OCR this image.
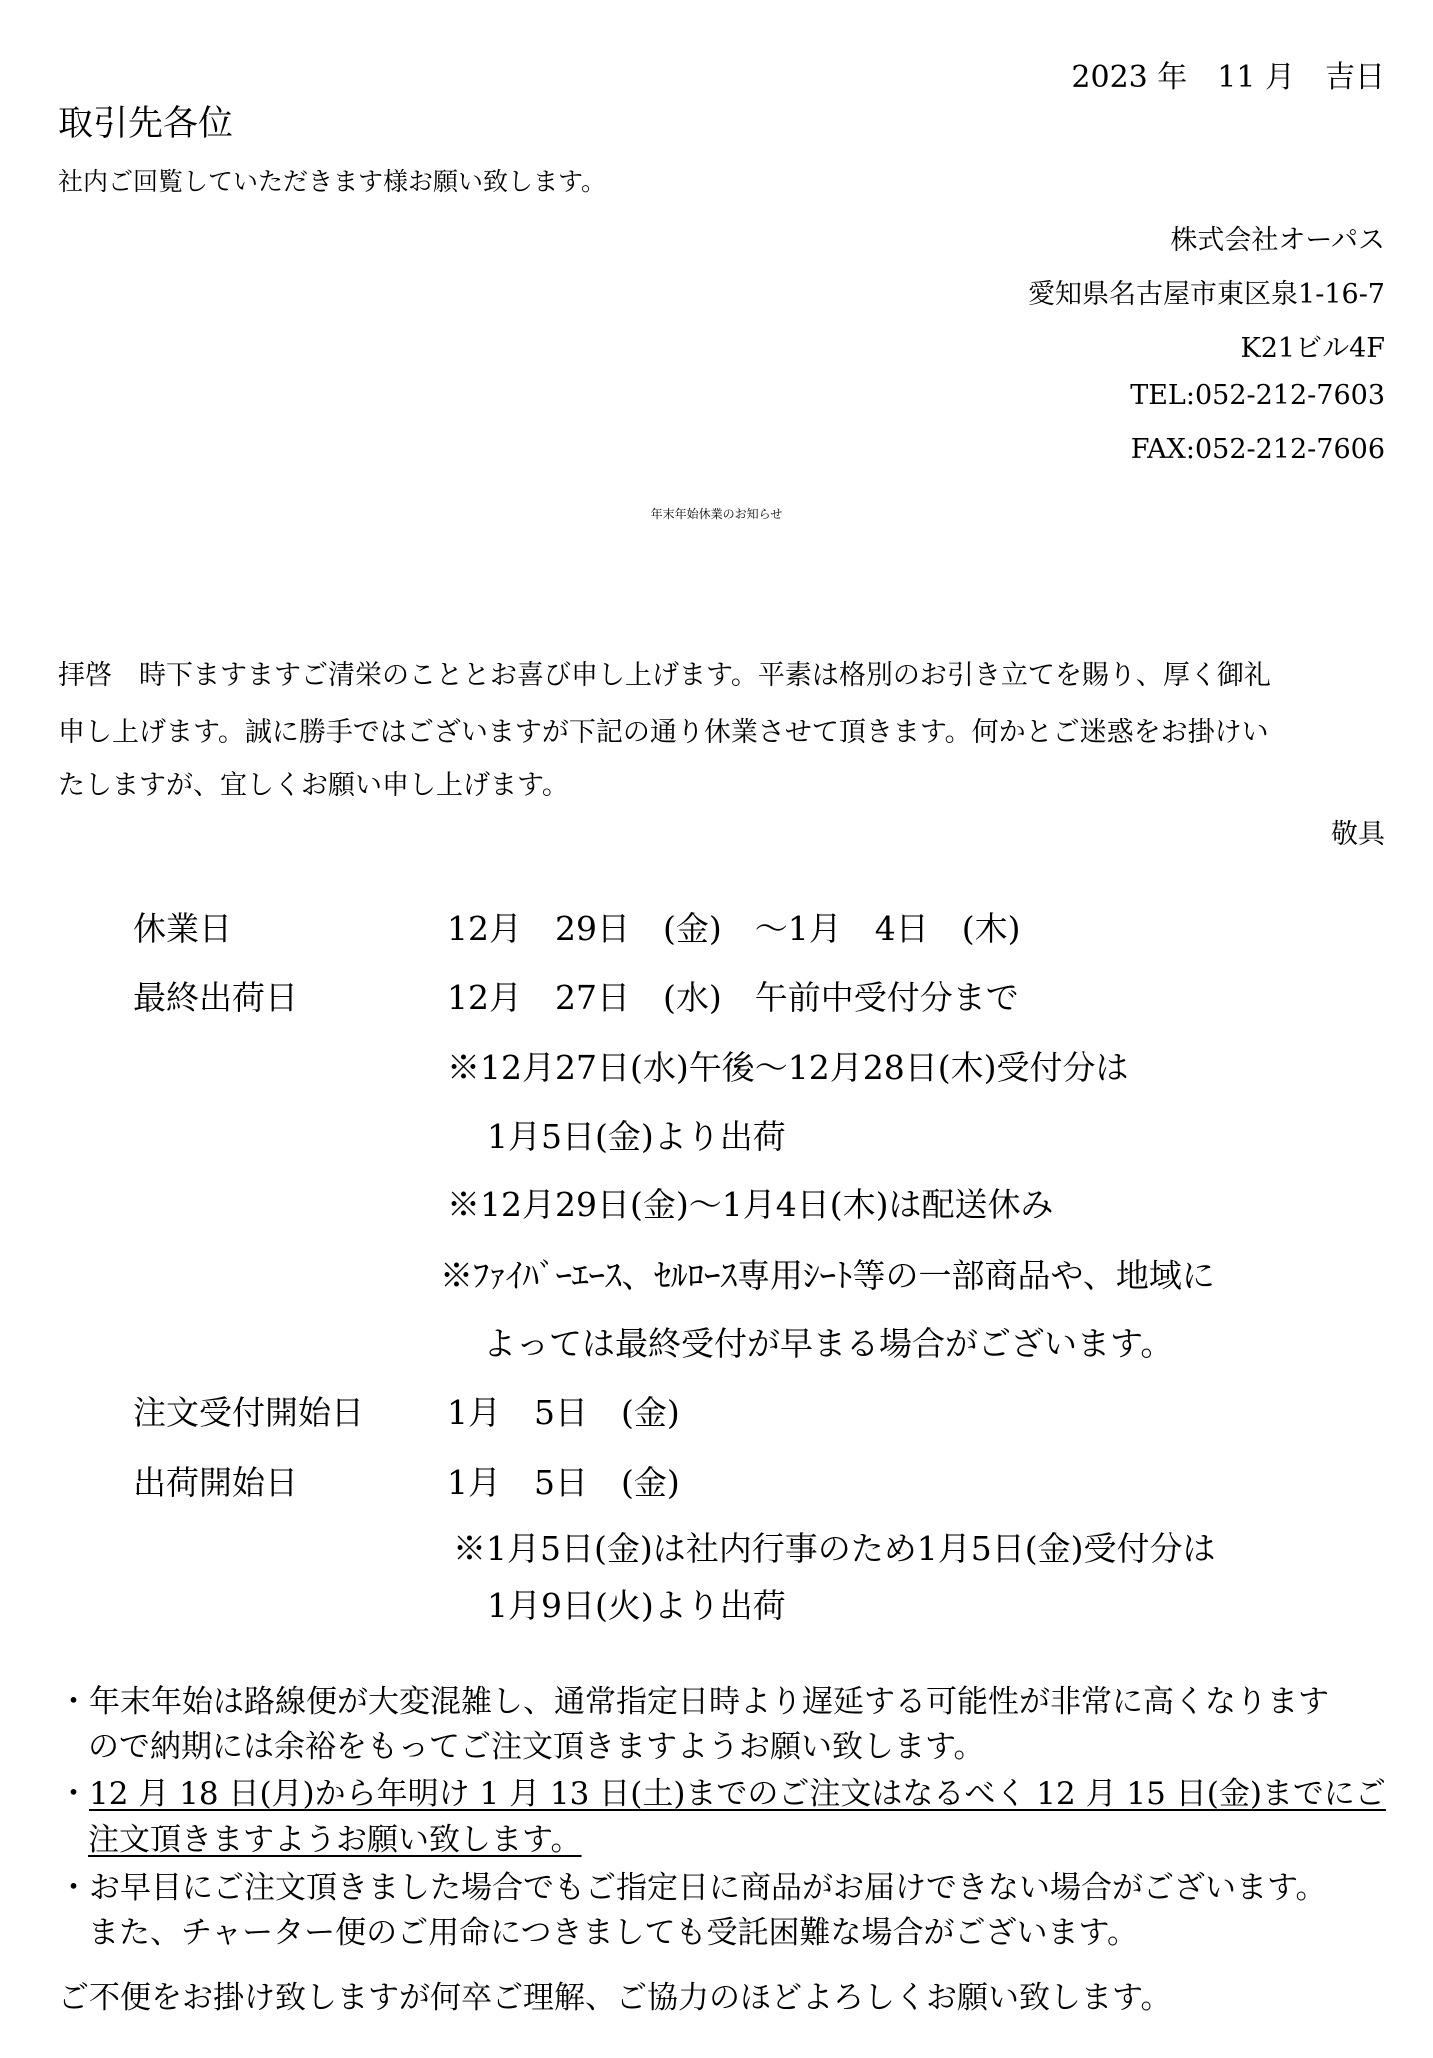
2023 年　11 月　吉日
取引先各位
社内ご回覧していただきます様お願い致します。
株式会社オーパス
愛知県名古屋市東区泉1-16-7
K21ビル4F
TEL:052-212-7603
FAX:052-212-7606
年末年始休業のお知らせ
拝啓　時下ますますご清栄のこととお喜び申し上げます。平素は格別のお引き立てを賜り、厚く御礼
申し上げます。誠に勝手ではございますが下記の通り休業させて頂きます。何かとご迷惑をお掛けい
たしますが、宜しくお願い申し上げます。
敬具
休業日	12月　29日　(金)　～1月　4日　(木)
最終出荷日	12月　27日　(水)　午前中受付分まで
※12月27日(水)午後～12月28日(木)受付分は
1月5日(金)より出荷
※12月29日(金)～1月4日(木)は配送休み
※ﾌｧｲﾊﾞｰｴｰｽ、ｾﾙﾛｰｽ専用ｼｰﾄ等の一部商品や、地域に
よっては最終受付が早まる場合がございます。
注文受付開始日	1月　5日　(金)
出荷開始日	1月　5日　(金)
※1月5日(金)は社内行事のため1月5日(金)受付分は
1月9日(火)より出荷
・年末年始は路線便が大変混雑し、通常指定日時より遅延する可能性が非常に高くなります
ので納期には余裕をもってご注文頂きますようお願い致します。
・12 月 18 日(月)から年明け 1 月 13 日(土)までのご注文はなるべく 12 月 15 日(金)までにご
注文頂きますようお願い致します。
・お早目にご注文頂きました場合でもご指定日に商品がお届けできない場合がございます。
また、チャーター便のご用命につきましても受託困難な場合がございます。
ご不便をお掛け致しますが何卒ご理解、ご協力のほどよろしくお願い致します。
